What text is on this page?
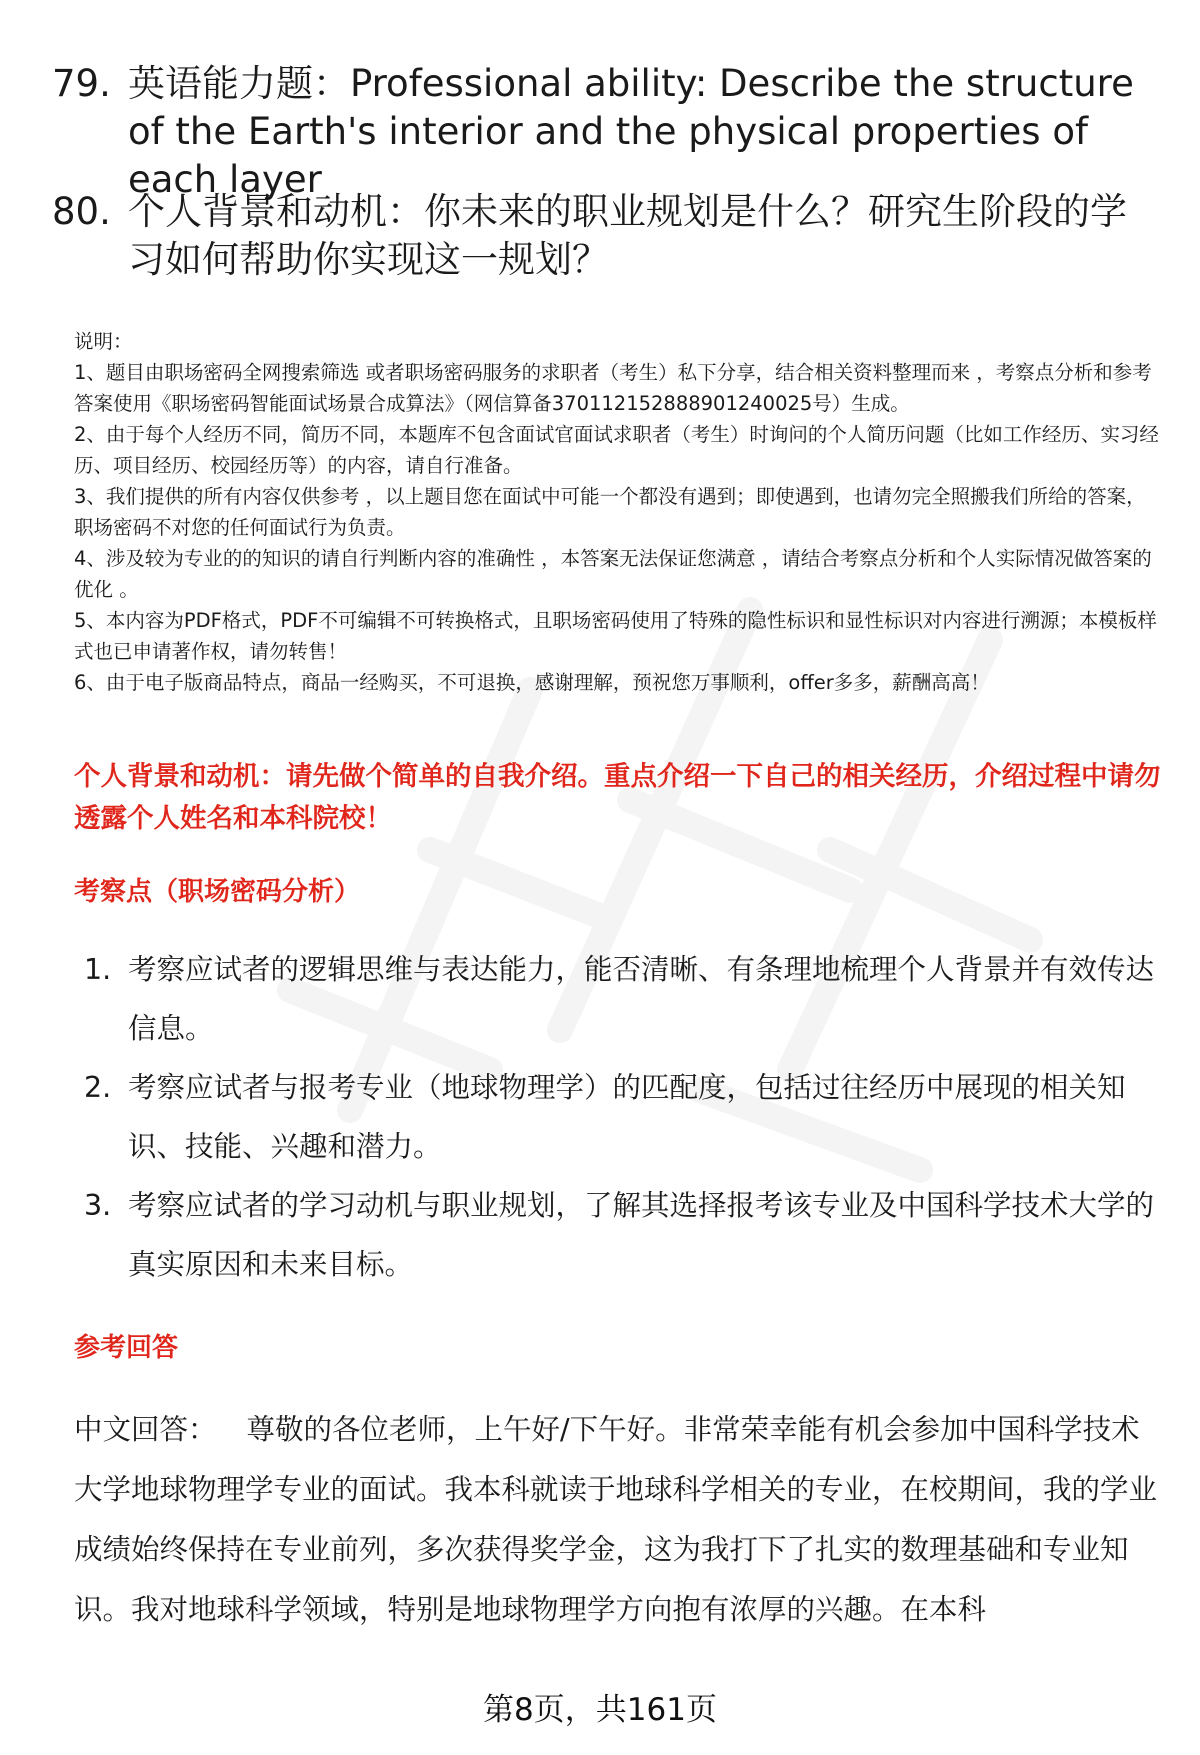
79. 英语能力题：Professional ability: Describe the structure of the Earth's interior and the physical properties of each layer
80. 个人背景和动机：你未来的职业规划是什么？研究生阶段的学习如何帮助你实现这一规划？

说明：

1、题目由职场密码全网搜索筛选 或者职场密码服务的求职者（考生）私下分享，结合相关资料整理而来 ，考察点分析和参考答案使用《职场密码智能面试场景合成算法》（网信算备370112152888901240025号）生成。

2、由于每个人经历不同，简历不同，本题库不包含面试官面试求职者（考生）时询问的个人简历问题（比如工作经历、实习经历、项目经历、校园经历等）的内容，请自行准备。

3、我们提供的所有内容仅供参考 ，以上题目您在面试中可能一个都没有遇到；即使遇到，也请勿完全照搬我们所给的答案，职场密码不对您的任何面试行为负责。

4、涉及较为专业的的知识的请自行判断内容的准确性 ，本答案无法保证您满意 ，请结合考察点分析和个人实际情况做答案的优化 。

5、本内容为PDF格式，PDF不可编辑不可转换格式，且职场密码使用了特殊的隐性标识和显性标识对内容进行溯源；本模板样式也已申请著作权，请勿转售！

6、由于电子版商品特点，商品一经购买，不可退换，感谢理解，预祝您万事顺利，offer多多，薪酬高高！

个人背景和动机：请先做个简单的自我介绍。重点介绍一下自己的相关经历，介绍过程中请勿透露个人姓名和本科院校！
考察点（职场密码分析）
1. 考察应试者的逻辑思维与表达能力，能否清晰、有条理地梳理个人背景并有效传达信息。
2. 考察应试者与报考专业（地球物理学）的匹配度，包括过往经历中展现的相关知识、技能、兴趣和潜力。
3. 考察应试者的学习动机与职业规划，了解其选择报考该专业及中国科学技术大学的真实原因和未来目标。
参考回答
中文回答： 尊敬的各位老师，上午好/下午好。非常荣幸能有机会参加中国科学技术大学地球物理学专业的面试。我本科就读于地球科学相关的专业，在校期间，我的学业成绩始终保持在专业前列，多次获得奖学金，这为我打下了扎实的数理基础和专业知识。我对地球科学领域，特别是地球物理学方向抱有浓厚的兴趣。在本科
第8页，共161页
